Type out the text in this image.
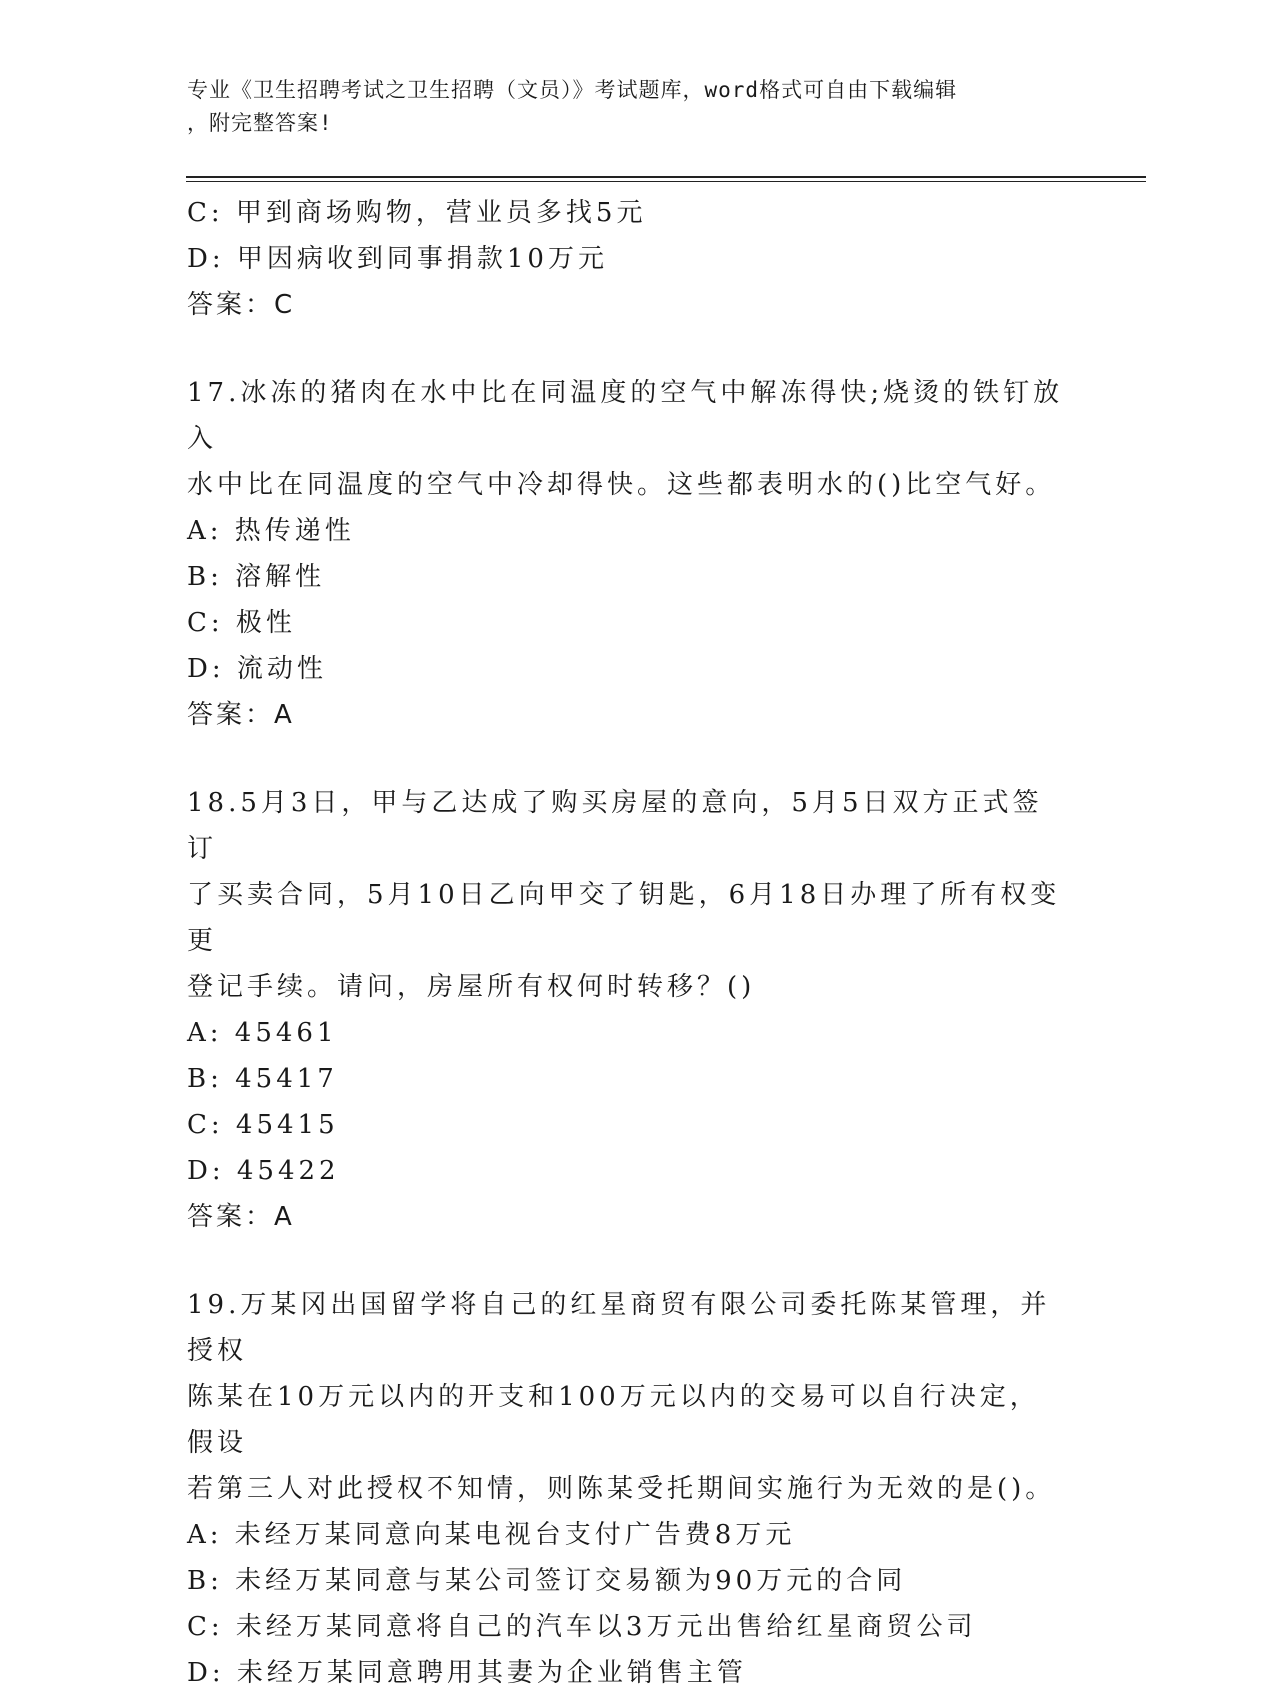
专业《卫生招聘考试之卫生招聘（文员）》考试题库，word格式可自由下载编辑
，附完整答案!
C: 甲到商场购物，营业员多找5元
D: 甲因病收到同事捐款10万元
答案：C
17.冰冻的猪肉在水中比在同温度的空气中解冻得快;烧烫的铁钉放入
水中比在同温度的空气中冷却得快。这些都表明水的()比空气好。
A: 热传递性
B: 溶解性
C: 极性
D: 流动性
答案：A
18.5月3日，甲与乙达成了购买房屋的意向，5月5日双方正式签订
了买卖合同，5月10日乙向甲交了钥匙，6月18日办理了所有权变更
登记手续。请问，房屋所有权何时转移？()
A: 45461
B: 45417
C: 45415
D: 45422
答案：A
19.万某冈出国留学将自己的红星商贸有限公司委托陈某管理，并授权
陈某在10万元以内的开支和100万元以内的交易可以自行决定，假设
若第三人对此授权不知情，则陈某受托期间实施行为无效的是()。
A: 未经万某同意向某电视台支付广告费8万元
B: 未经万某同意与某公司签订交易额为90万元的合同
C: 未经万某同意将自己的汽车以3万元出售给红星商贸公司
D: 未经万某同意聘用其妻为企业销售主管
